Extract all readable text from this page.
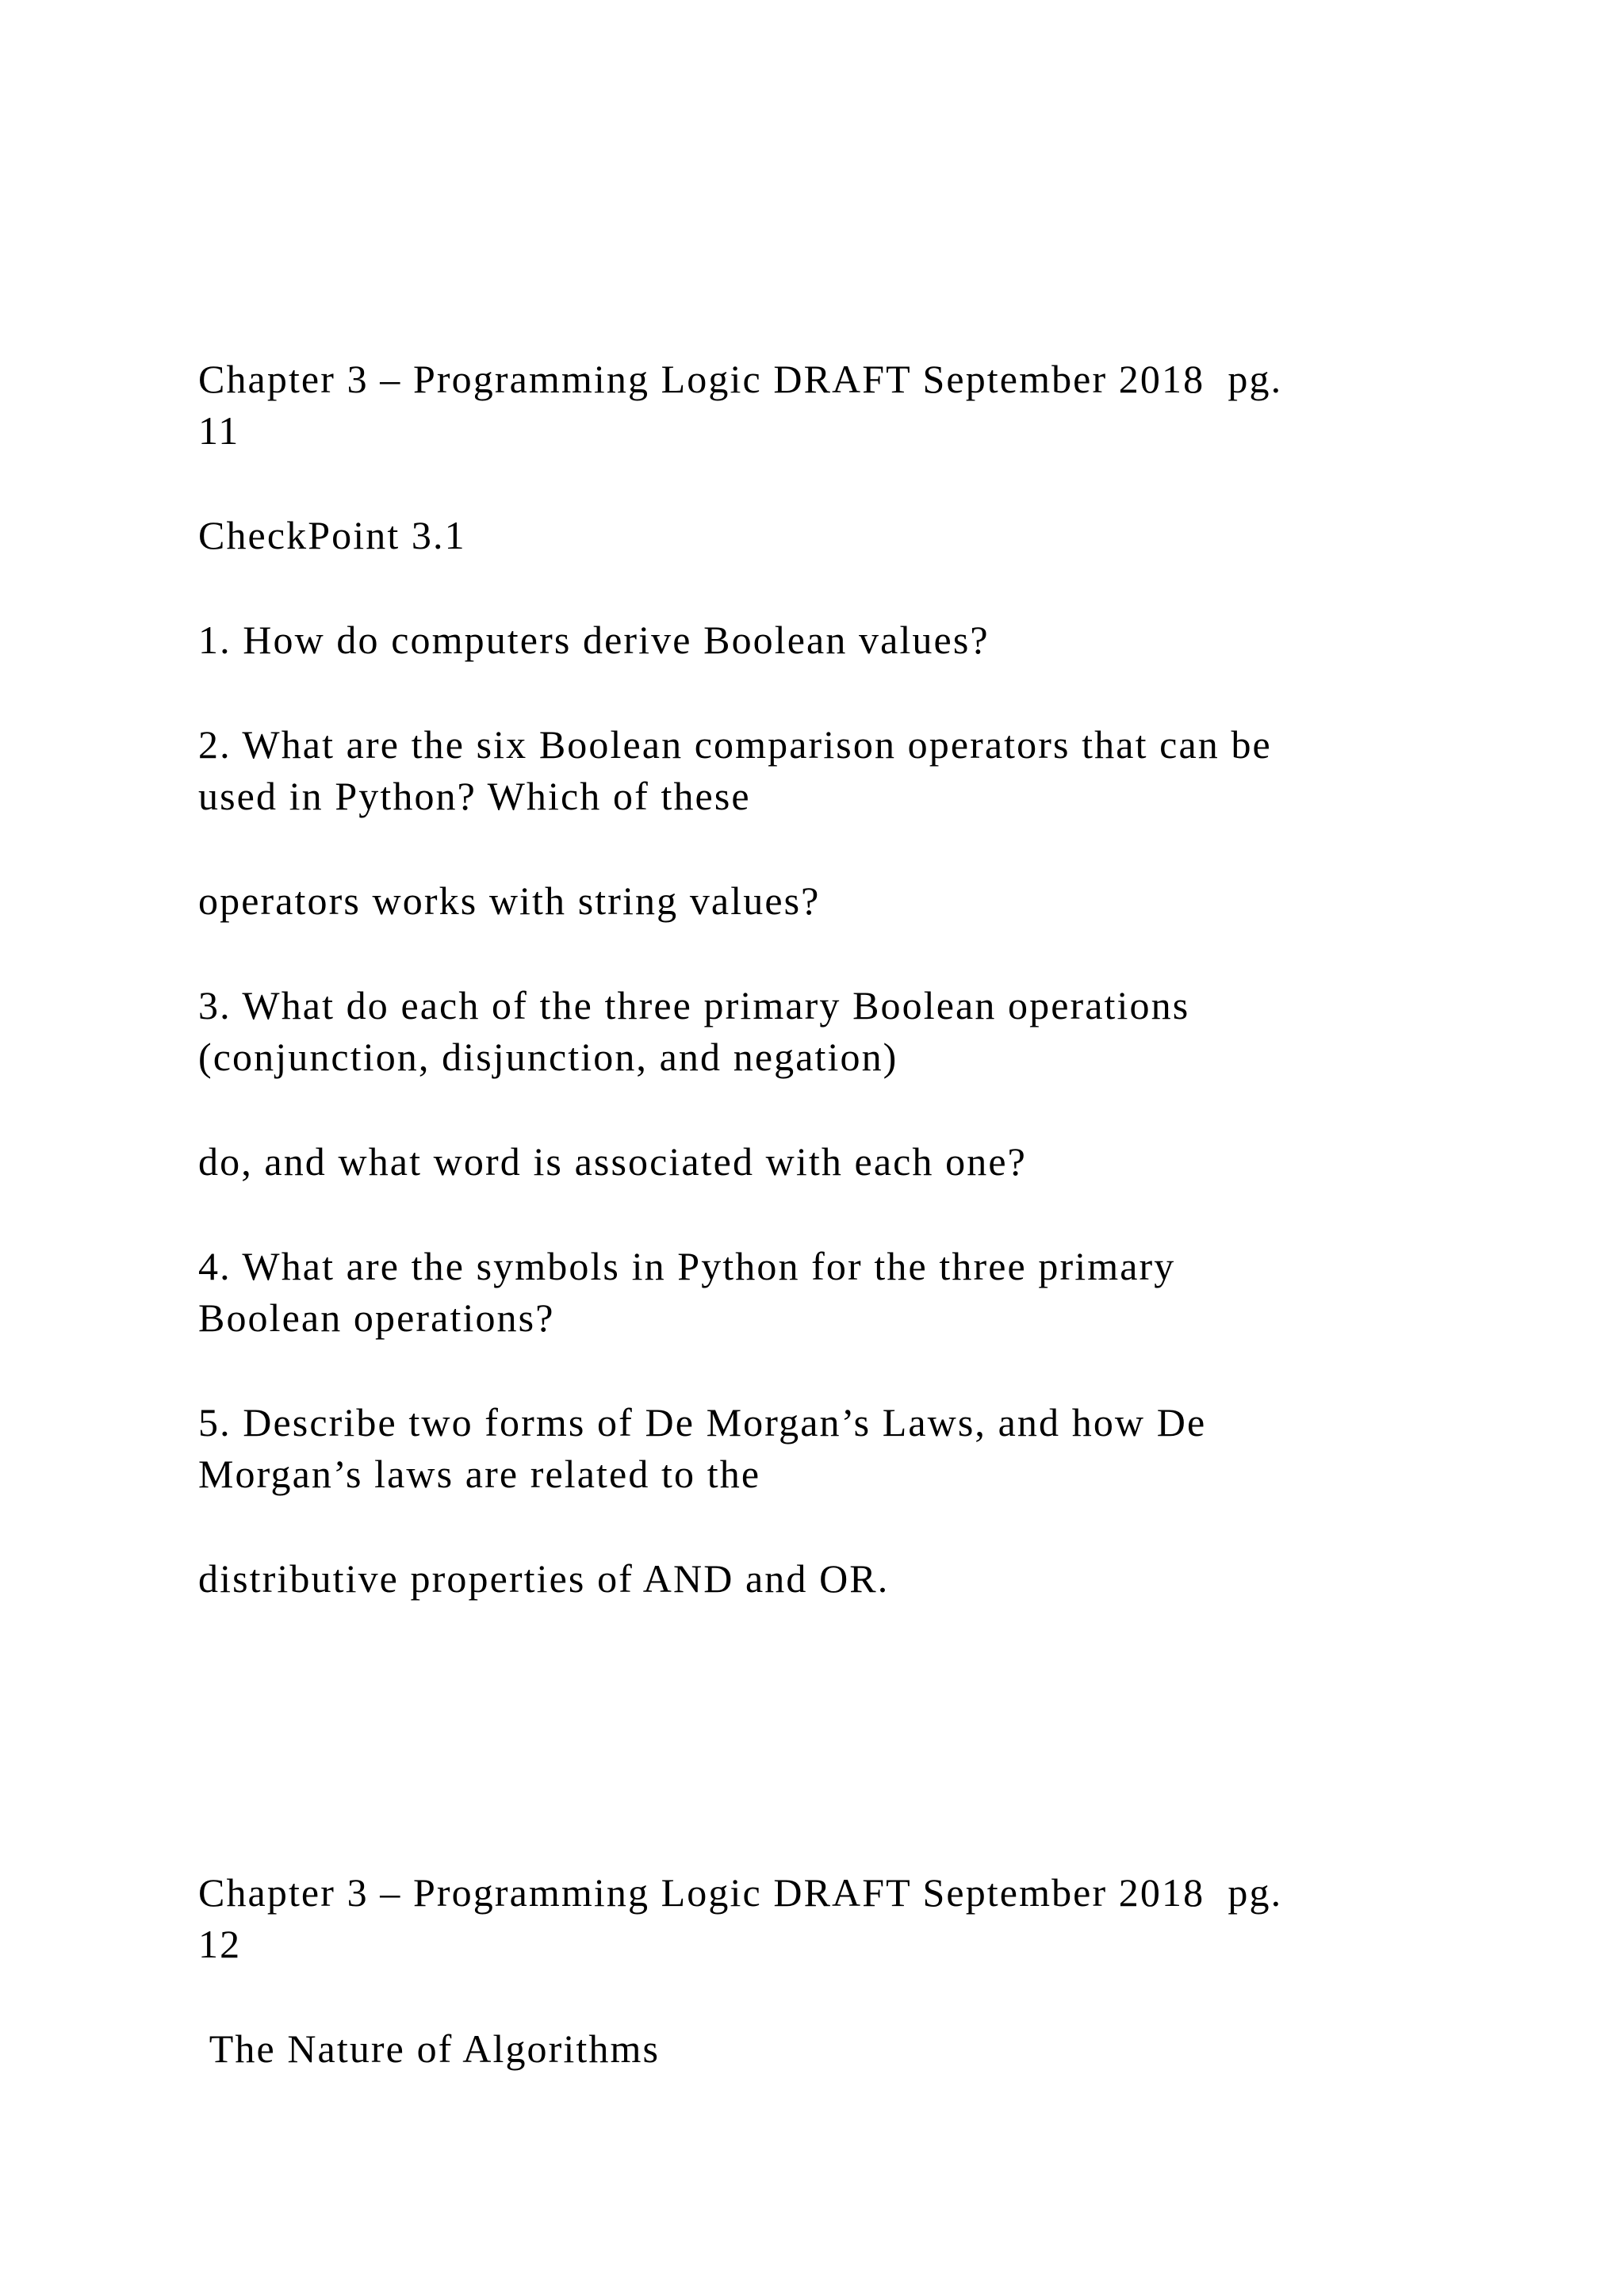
Chapter 3 – Programming Logic DRAFT September 2018  pg.

11

CheckPoint 3.1

1. How do computers derive Boolean values?

2. What are the six Boolean comparison operators that can be

used in Python? Which of these

operators works with string values?

3. What do each of the three primary Boolean operations

(conjunction, disjunction, and negation)

do, and what word is associated with each one?

4. What are the symbols in Python for the three primary

Boolean operations?

5. Describe two forms of De Morgan’s Laws, and how De

Morgan’s laws are related to the

distributive properties of AND and OR.

Chapter 3 – Programming Logic DRAFT September 2018  pg.

12

The Nature of Algorithms
